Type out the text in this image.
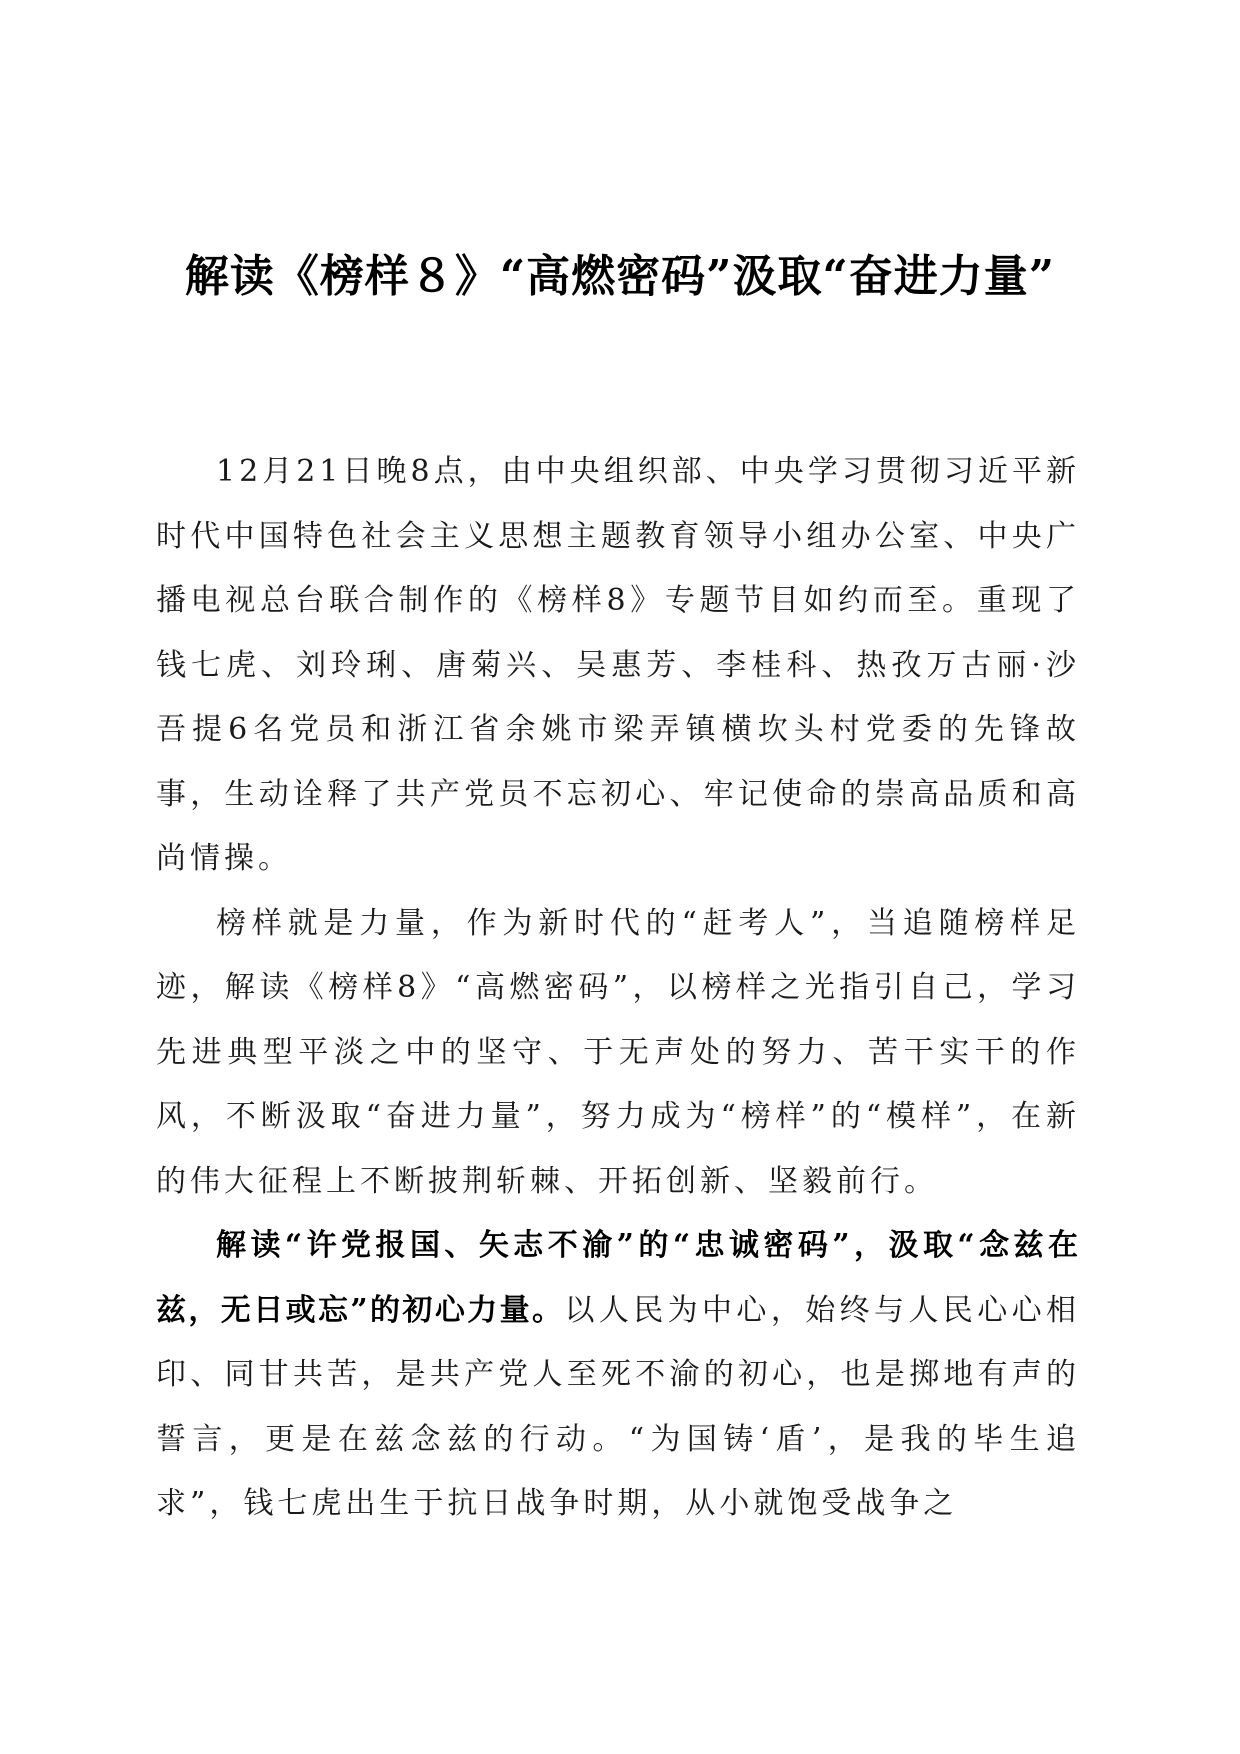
解读《榜样８》“高燃密码”汲取“奋进力量”

12月21日晚8点，由中央组织部、中央学习贯彻习近平新时代中国特色社会主义思想主题教育领导小组办公室、中央广播电视总台联合制作的《榜样8》专题节目如约而至。重现了钱七虎、刘玲琍、唐菊兴、吴惠芳、李桂科、热孜万古丽·沙吾提6名党员和浙江省余姚市梁弄镇横坎头村党委的先锋故事，生动诠释了共产党员不忘初心、牢记使命的崇高品质和高尚情操。

榜样就是力量，作为新时代的“赶考人”，当追随榜样足迹，解读《榜样8》“高燃密码”，以榜样之光指引自己，学习先进典型平淡之中的坚守、于无声处的努力、苦干实干的作风，不断汲取“奋进力量”，努力成为“榜样”的“模样”，在新的伟大征程上不断披荆斩棘、开拓创新、坚毅前行。

解读“许党报国、矢志不渝”的“忠诚密码”，汲取“念兹在兹，无日或忘”的初心力量。以人民为中心，始终与人民心心相印、同甘共苦，是共产党人至死不渝的初心，也是掷地有声的誓言，更是在兹念兹的行动。“为国铸‘盾’，是我的毕生追求”，钱七虎出生于抗日战争时期，从小就饱受战争之
